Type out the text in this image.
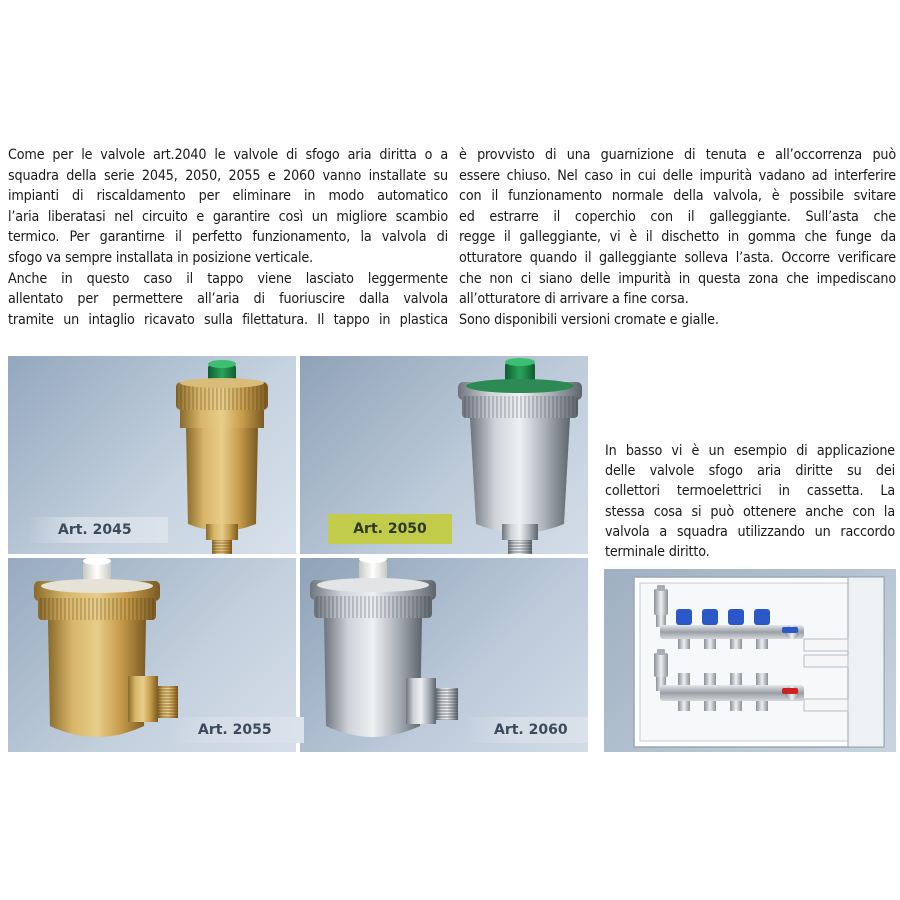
Come per le valvole art.2040 le valvole di sfogo aria diritta o a
squadra della serie 2045, 2050, 2055 e 2060 vanno installate su
impianti di riscaldamento per eliminare in modo automatico
l’aria liberatasi nel circuito e garantire così un migliore scambio
termico. Per garantirne il perfetto funzionamento, la valvola di
sfogo va sempre installata in posizione verticale.
Anche in questo caso il tappo viene lasciato leggermente
allentato per permettere all’aria di fuoriuscire dalla valvola
tramite un intaglio ricavato sulla filettatura. Il tappo in plastica
è provvisto di una guarnizione di tenuta e all’occorrenza può
essere chiuso. Nel caso in cui delle impurità vadano ad interferire
con il funzionamento normale della valvola, è possibile svitare
ed estrarre il coperchio con il galleggiante. Sull’asta che
regge il galleggiante, vi è il dischetto in gomma che funge da
otturatore quando il galleggiante solleva l’asta. Occorre verificare
che non ci siano delle impurità in questa zona che impediscano
all’otturatore di arrivare a fine corsa.
Sono disponibili versioni cromate e gialle.
Art. 2045	Art. 2050
Art. 2055	Art. 2060
In basso vi è un esempio di applicazione
delle valvole sfogo aria diritte su dei
collettori termoelettrici in cassetta. La
stessa cosa si può ottenere anche con la
valvola a squadra utilizzando un raccordo
terminale diritto.
